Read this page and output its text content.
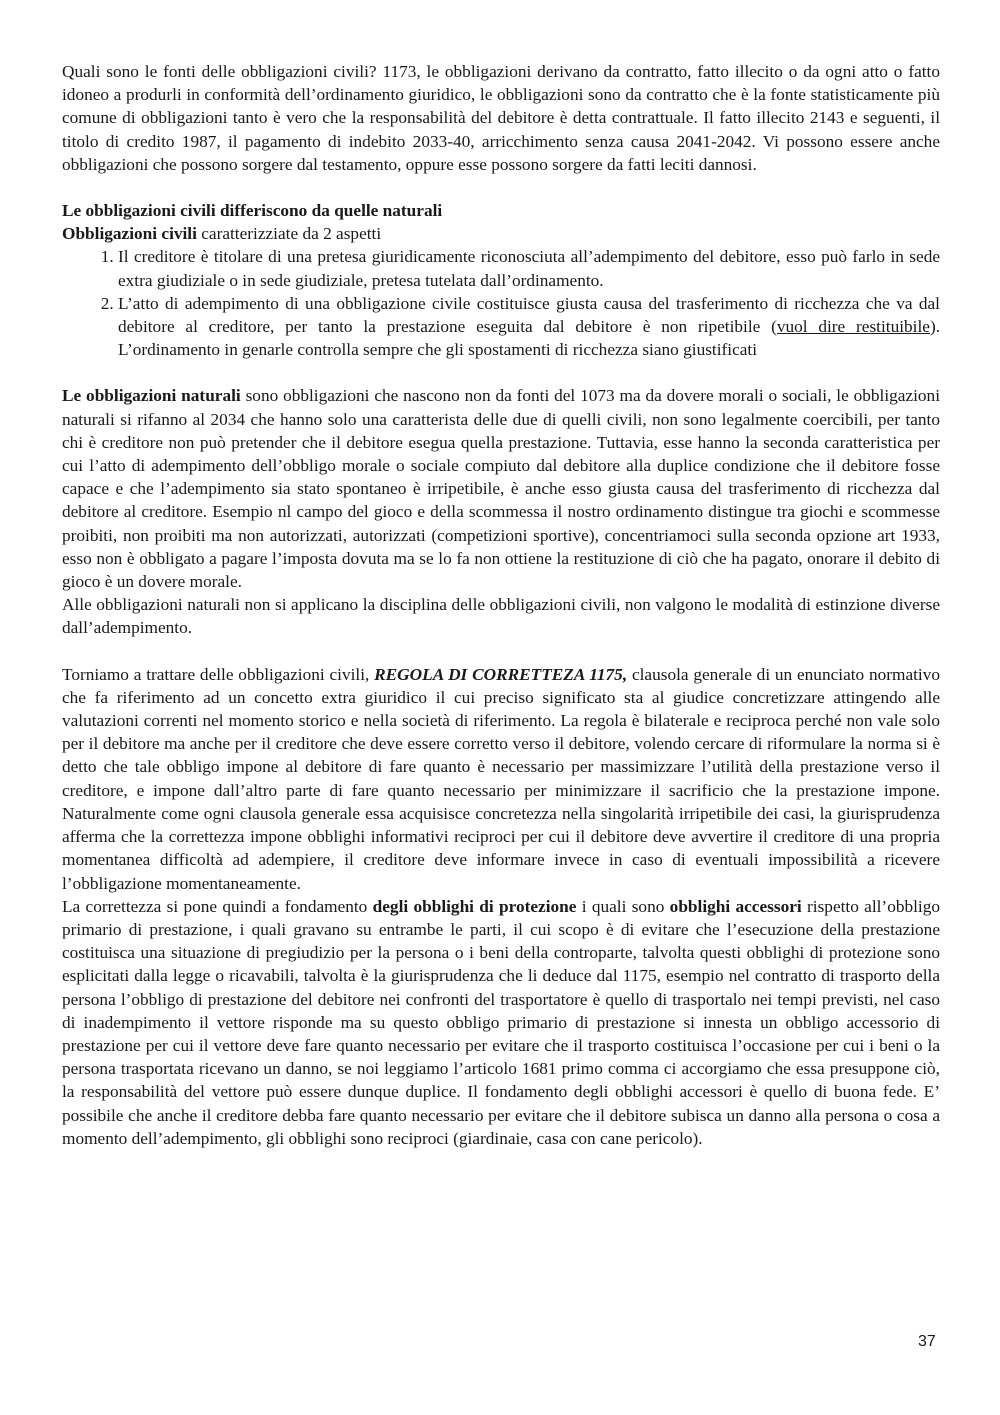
Quali sono le fonti delle obbligazioni civili? 1173, le obbligazioni derivano da contratto, fatto illecito o da ogni atto o fatto idoneo a produrli in conformità dell’ordinamento giuridico, le obbligazioni sono da contratto che è la fonte statisticamente più comune di obbligazioni tanto è vero che la responsabilità del debitore è detta contrattuale. Il fatto illecito 2143 e seguenti, il titolo di credito 1987, il pagamento di indebito 2033-40, arricchimento senza causa 2041-2042. Vi possono essere anche obbligazioni che possono sorgere dal testamento, oppure esse possono sorgere da fatti leciti dannosi.

Le obbligazioni civili differiscono da quelle naturali

Obbligazioni civili caratterizziate da 2 aspetti

1. Il creditore è titolare di una pretesa giuridicamente riconosciuta all’adempimento del debitore, esso può farlo in sede extra giudiziale o in sede giudiziale, pretesa tutelata dall’ordinamento.
2. L’atto di adempimento di una obbligazione civile costituisce giusta causa del trasferimento di ricchezza che va dal debitore al creditore, per tanto la prestazione eseguita dal debitore è non ripetibile (vuol dire restituibile). L’ordinamento in genarle controlla sempre che gli spostamenti di ricchezza siano giustificati

Le obbligazioni naturali sono obbligazioni che nascono non da fonti del 1073 ma da dovere morali o sociali, le obbligazioni naturali si rifanno al 2034 che hanno solo una caratterista delle due di quelli civili, non sono legalmente coercibili, per tanto chi è creditore non può pretender che il debitore esegua quella prestazione. Tuttavia, esse hanno la seconda caratteristica per cui l’atto di adempimento dell’obbligo morale o sociale compiuto dal debitore alla duplice condizione che il debitore fosse capace e che l’adempimento sia stato spontaneo è irripetibile, è anche esso giusta causa del trasferimento di ricchezza dal debitore al creditore. Esempio nl campo del gioco e della scommessa il nostro ordinamento distingue tra giochi e scommesse proibiti, non proibiti ma non autorizzati, autorizzati (competizioni sportive), concentriamoci sulla seconda opzione art 1933, esso non è obbligato a pagare l’imposta dovuta ma se lo fa non ottiene la restituzione di ciò che ha pagato, onorare il debito di gioco è un dovere morale.

Alle obbligazioni naturali non si applicano la disciplina delle obbligazioni civili, non valgono le modalità di estinzione diverse dall’adempimento.

Torniamo a trattare delle obbligazioni civili, REGOLA DI CORRETTEZA 1175, clausola generale di un enunciato normativo che fa riferimento ad un concetto extra giuridico il cui preciso significato sta al giudice concretizzare attingendo alle valutazioni correnti nel momento storico e nella società di riferimento. La regola è bilaterale e reciproca perché non vale solo per il debitore ma anche per il creditore che deve essere corretto verso il debitore, volendo cercare di riformulare la norma si è detto che tale obbligo impone al debitore di fare quanto è necessario per massimizzare l’utilità della prestazione verso il creditore, e impone dall’altro parte di fare quanto necessario per minimizzare il sacrificio che la prestazione impone. Naturalmente come ogni clausola generale essa acquisisce concretezza nella singolarità irripetibile dei casi, la giurisprudenza afferma che la correttezza impone obblighi informativi reciproci per cui il debitore deve avvertire il creditore di una propria momentanea difficoltà ad adempiere, il creditore deve informare invece in caso di eventuali impossibilità a ricevere l’obbligazione momentaneamente.

La correttezza si pone quindi a fondamento degli obblighi di protezione i quali sono obblighi accessori rispetto all’obbligo primario di prestazione, i quali gravano su entrambe le parti, il cui scopo è di evitare che l’esecuzione della prestazione costituisca una situazione di pregiudizio per la persona o i beni della controparte, talvolta questi obblighi di protezione sono esplicitati dalla legge o ricavabili, talvolta è la giurisprudenza che li deduce dal 1175, esempio nel contratto di trasporto della persona l’obbligo di prestazione del debitore nei confronti del trasportatore è quello di trasportalo nei tempi previsti, nel caso di inadempimento il vettore risponde ma su questo obbligo primario di prestazione si innesta un obbligo accessorio di prestazione per cui il vettore deve fare quanto necessario per evitare che il trasporto costituisca l’occasione per cui i beni o la persona trasportata ricevano un danno, se noi leggiamo l’articolo 1681 primo comma ci accorgiamo che essa presuppone ciò, la responsabilità del vettore può essere dunque duplice. Il fondamento degli obblighi accessori è quello di buona fede. E’ possibile che anche il creditore debba fare quanto necessario per evitare che il debitore subisca un danno alla persona o cosa a momento dell’adempimento, gli obblighi sono reciproci (giardinaie, casa con cane pericolo).

37
